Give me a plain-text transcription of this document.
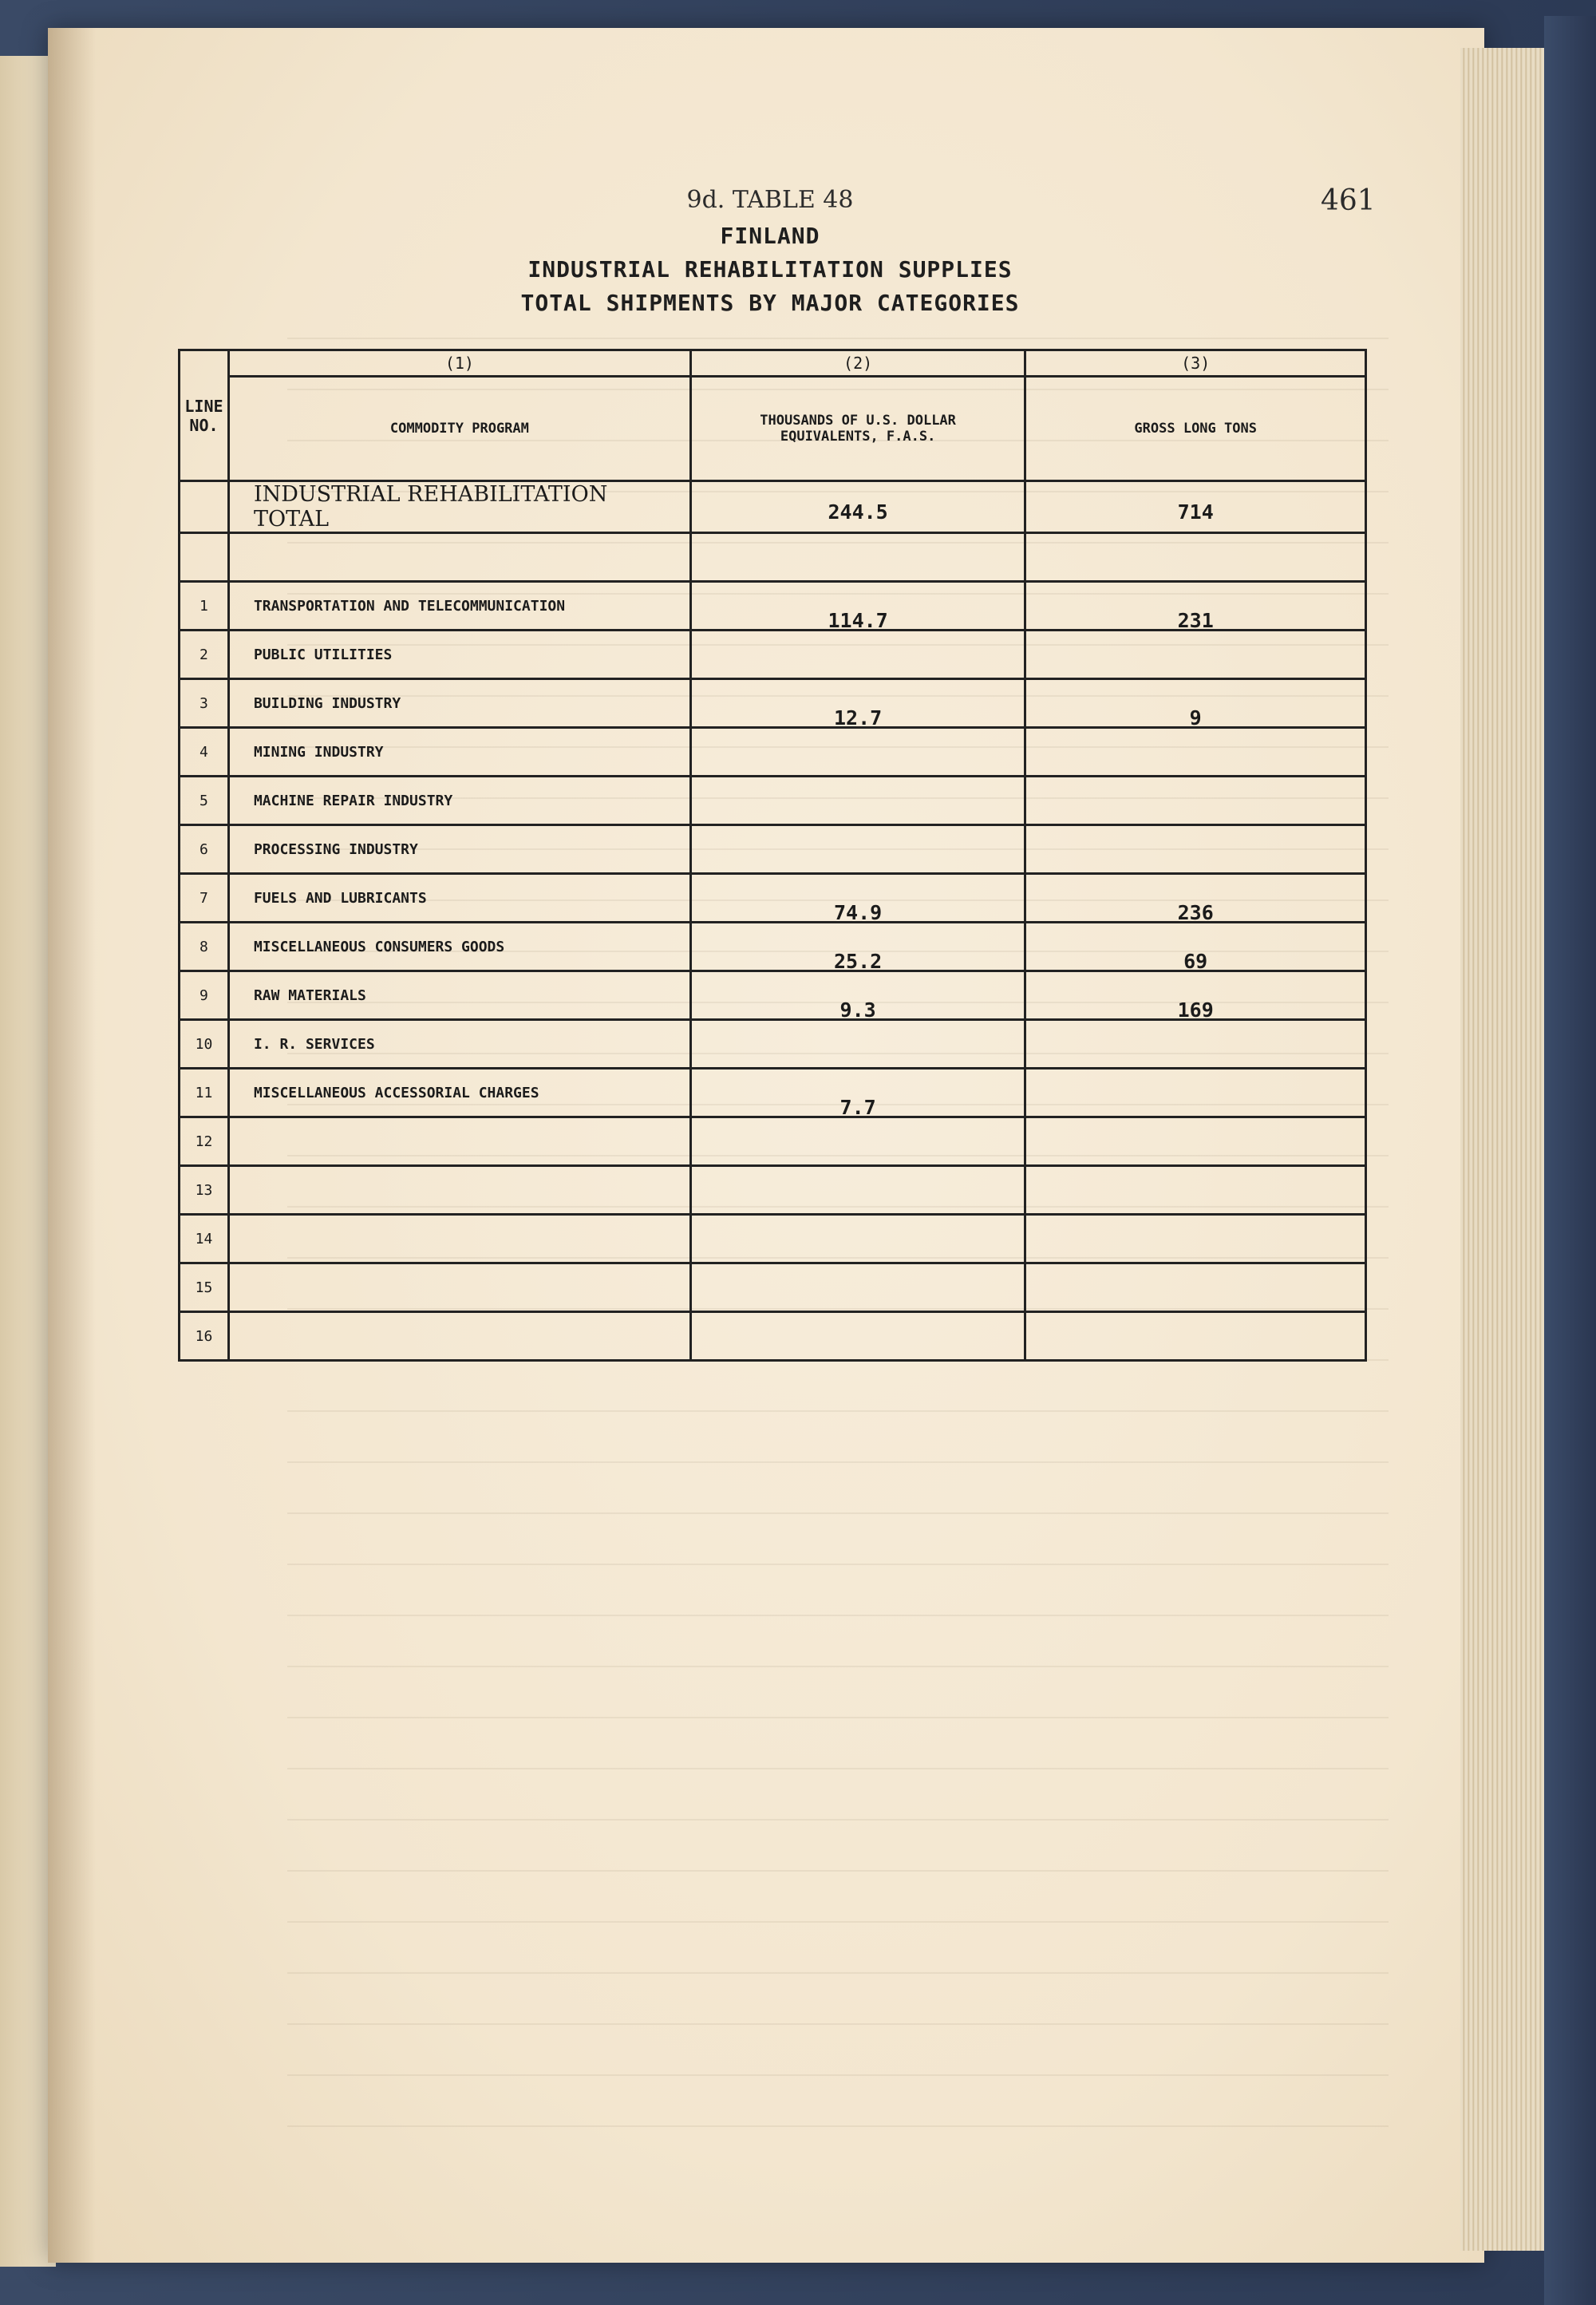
9d. TABLE 48	461
FINLAND
INDUSTRIAL REHABILITATION SUPPLIES
TOTAL SHIPMENTS BY MAJOR CATEGORIES
LINE NO.	(1)	(2)	(3)
	COMMODITY PROGRAM	THOUSANDS OF U.S. DOLLAR EQUIVALENTS, F.A.S.	GROSS LONG TONS
	INDUSTRIAL REHABILITATION TOTAL	244.5	714

1	TRANSPORTATION AND TELECOMMUNICATION	114.7	231
2	PUBLIC UTILITIES		
3	BUILDING INDUSTRY	12.7	9
4	MINING INDUSTRY		
5	MACHINE REPAIR INDUSTRY		
6	PROCESSING INDUSTRY		
7	FUELS AND LUBRICANTS	74.9	236
8	MISCELLANEOUS CONSUMERS GOODS	25.2	69
9	RAW MATERIALS	9.3	169
10	I. R. SERVICES		
11	MISCELLANEOUS ACCESSORIAL CHARGES	7.7	
12			
13			
14			
15			
16			
